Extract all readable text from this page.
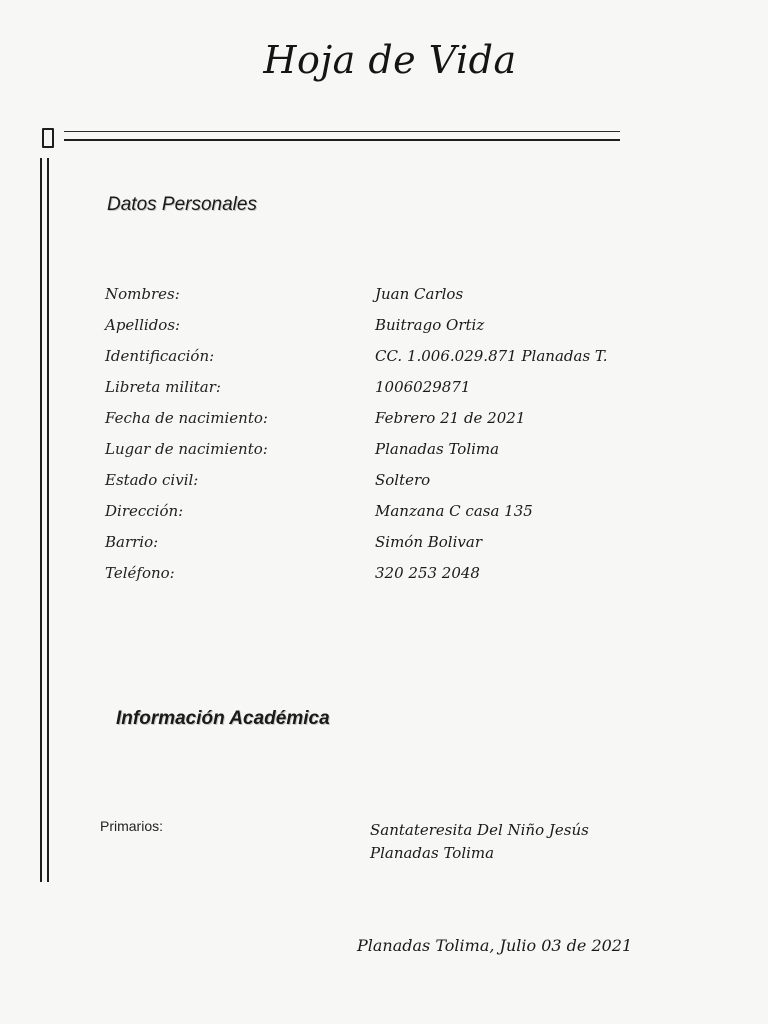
Hoja de Vida
Datos Personales
Nombres:	Juan Carlos
Apellidos:	Buitrago Ortiz
Identificación:	CC. 1.006.029.871 Planadas T.
Libreta militar:	1006029871
Fecha de nacimiento:	Febrero 21 de 2021
Lugar de nacimiento:	Planadas Tolima
Estado civil:	Soltero
Dirección:	Manzana C casa 135
Barrio:	Simón Bolivar
Teléfono:	320 253 2048
Información Académica
Primarios:	Santateresita Del Niño Jesús
Planadas Tolima
Planadas Tolima, Julio 03 de 2021
